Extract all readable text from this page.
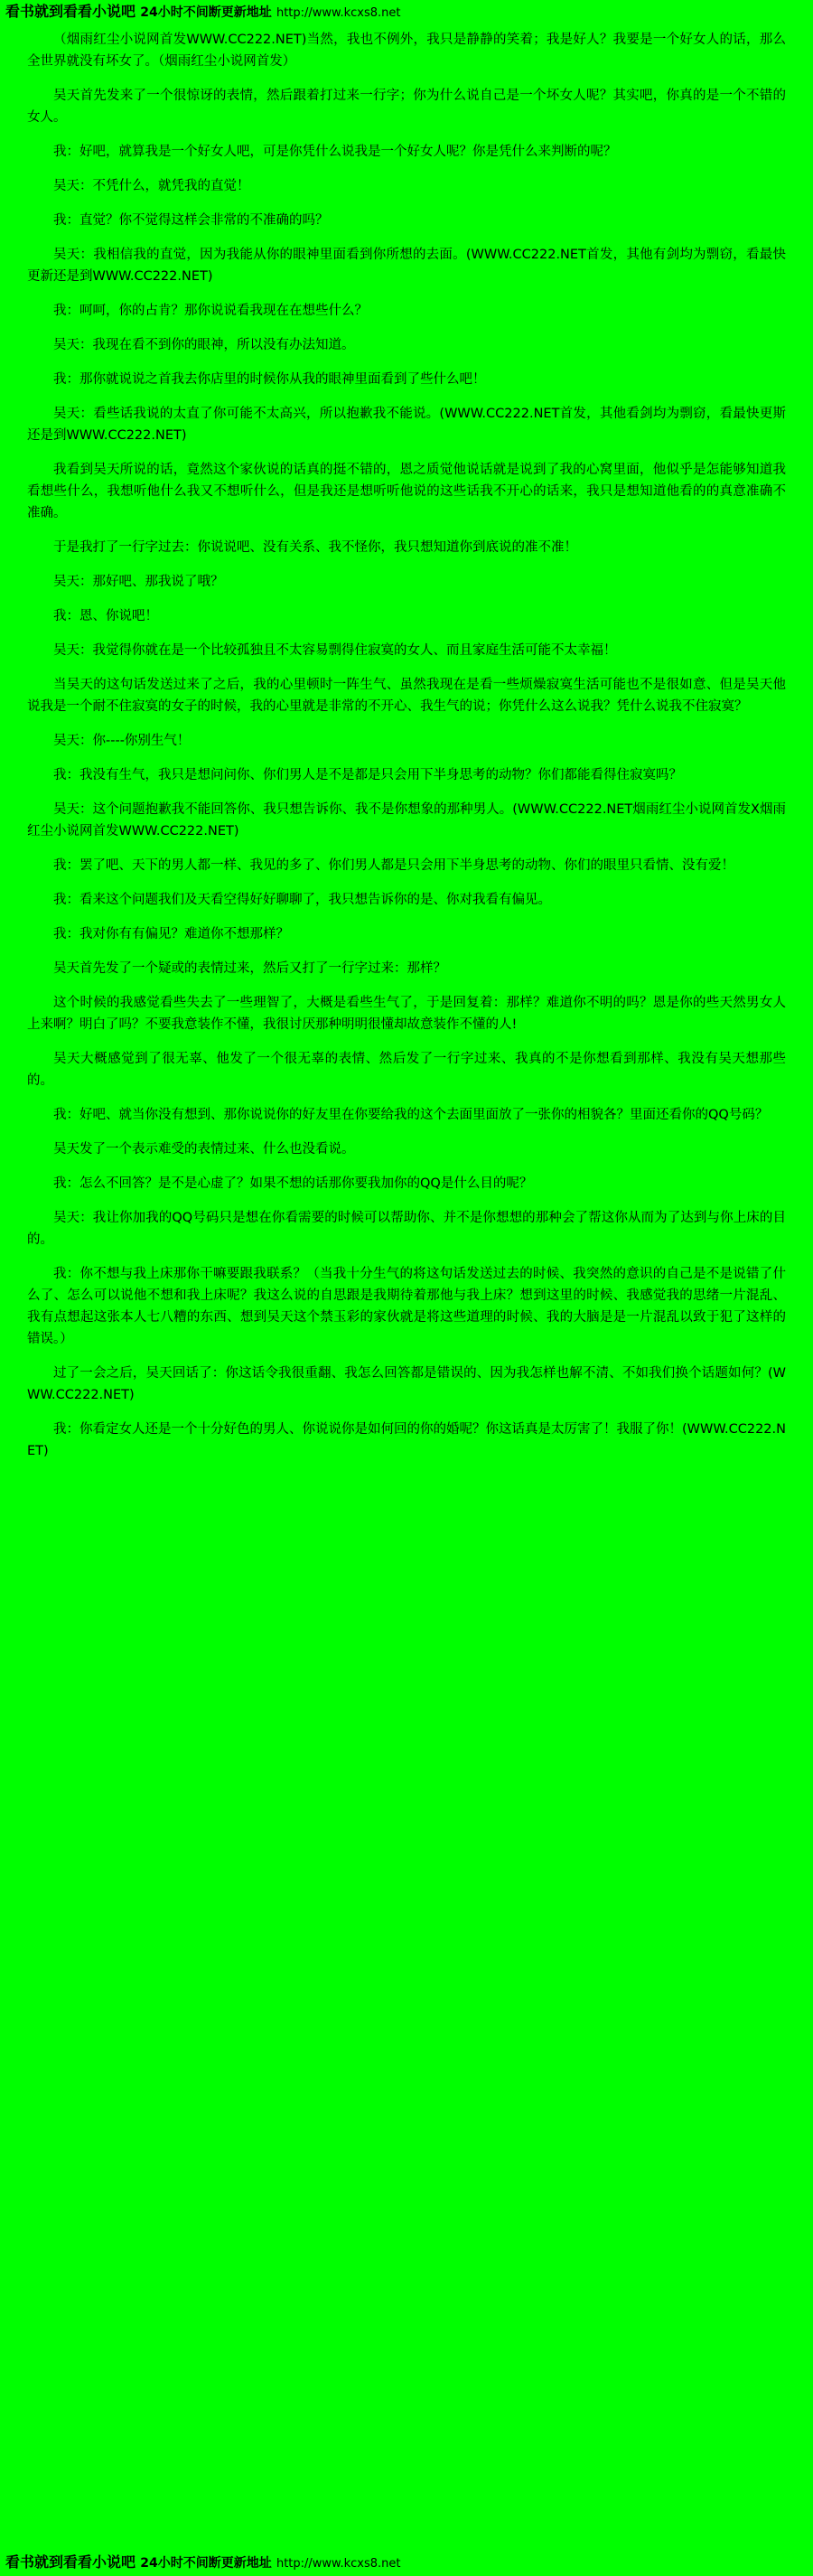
看书就到看看小说吧 24小时不间断更新地址 http://www.kcxs8.net

（烟雨红尘小说网首发WWW.CC222.NET)当然，我也不例外，我只是静静的笑着；我是好人？我要是一个好女人的话，那么全世界就没有坏女了。（烟雨红尘小说网首发）

吴天首先发来了一个很惊讶的表情，然后跟着打过来一行字；你为什么说自己是一个坏女人呢？其实吧，你真的是一个不错的女人。

我：好吧，就算我是一个好女人吧，可是你凭什么说我是一个好女人呢？你是凭什么来判断的呢？

吴天：不凭什么，就凭我的直觉！

我：直觉？你不觉得这样会非常的不准确的吗？

吴天：我相信我的直觉，因为我能从你的眼神里面看到你所想的去面。(WWW.CC222.NET首发，其他有剑均为剽窃，看最快更新还是到WWW.CC222.NET)

我：呵呵，你的占肯？那你说说看我现在在想些什么？

吴天：我现在看不到你的眼神，所以没有办法知道。

我：那你就说说之首我去你店里的时候你从我的眼神里面看到了些什么吧！

吴天：看些话我说的太直了你可能不太高兴，所以抱歉我不能说。(WWW.CC222.NET首发，其他看剑均为剽窃，看最快更斯还是到WWW.CC222.NET)

我看到吴天所说的话，竟然这个家伙说的话真的挺不错的，恩之质觉他说话就是说到了我的心窝里面，他似乎是怎能够知道我看想些什么，我想听他什么我又不想听什么，但是我还是想听听他说的这些话我不开心的话来，我只是想知道他看的的真意准确不准确。

于是我打了一行字过去：你说说吧、没有关系、我不怪你，我只想知道你到底说的准不准！

吴天：那好吧、那我说了哦？

我：恩、你说吧！

吴天：我觉得你就在是一个比较孤独且不太容易剽得住寂寞的女人、而且家庭生活可能不太幸福！

当吴天的这句话发送过来了之后，我的心里顿时一阵生气、虽然我现在是看一些烦燥寂寞生活可能也不是很如意、但是吴天他说我是一个耐不住寂寞的女子的时候，我的心里就是非常的不开心、我生气的说；你凭什么这么说我？凭什么说我不住寂寞？

吴天：你----你别生气！

我：我没有生气，我只是想问问你、你们男人是不是都是只会用下半身思考的动物？你们都能看得住寂寞吗？

吴天：这个问题抱歉我不能回答你、我只想告诉你、我不是你想象的那种男人。(WWW.CC222.NET烟雨红尘小说网首发X烟雨红尘小说网首发WWW.CC222.NET)

我：罢了吧、天下的男人都一样、我见的多了、你们男人都是只会用下半身思考的动物、你们的眼里只看情、没有爱！

我：看来这个问题我们及天看空得好好聊聊了，我只想告诉你的是、你对我看有偏见。

我：我对你有有偏见？难道你不想那样？

吴天首先发了一个疑或的表情过来，然后又打了一行字过来：那样？

这个时候的我感觉看些失去了一些理智了，大概是看些生气了，于是回复着：那样？难道你不明的吗？恩是你的些天然男女人上来啊？明白了吗？不要我意装作不懂，我很讨厌那种明明很懂却故意装作不懂的人!

吴天大概感觉到了很无辜、他发了一个很无辜的表情、然后发了一行字过来、我真的不是你想看到那样、我没有吴天想那些的。

我：好吧、就当你没有想到、那你说说你的好友里在你要给我的这个去面里面放了一张你的相貌各？里面还看你的QQ号码？

吴天发了一个表示难受的表情过来、什么也没看说。

我：怎么不回答？是不是心虚了？如果不想的话那你要我加你的QQ是什么目的呢？

吴天：我让你加我的QQ号码只是想在你看需要的时候可以帮助你、并不是你想想的那种会了帮这你从而为了达到与你上床的目的。

我：你不想与我上床那你干嘛要跟我联系？（当我十分生气的将这句话发送过去的时候、我突然的意识的自己是不是说错了什么了、怎么可以说他不想和我上床呢？我这么说的自思跟是我期待着那他与我上床？想到这里的时候、我感觉我的思绪一片混乱、我有点想起这张本人七八糟的东西、想到吴天这个禁玉彩的家伙就是将这些道理的时候、我的大脑是是一片混乱以致于犯了这样的错误。）

过了一会之后，吴天回话了：你这话令我很重翻、我怎么回答都是错误的、因为我怎样也解不清、不如我们换个话题如何？(WWW.CC222.NET)

我：你看定女人还是一个十分好色的男人、你说说你是如何回的你的婚呢？你这话真是太厉害了！我服了你！(WWW.CC222.NET)

看书就到看看小说吧 24小时不间断更新地址 http://www.kcxs8.net
